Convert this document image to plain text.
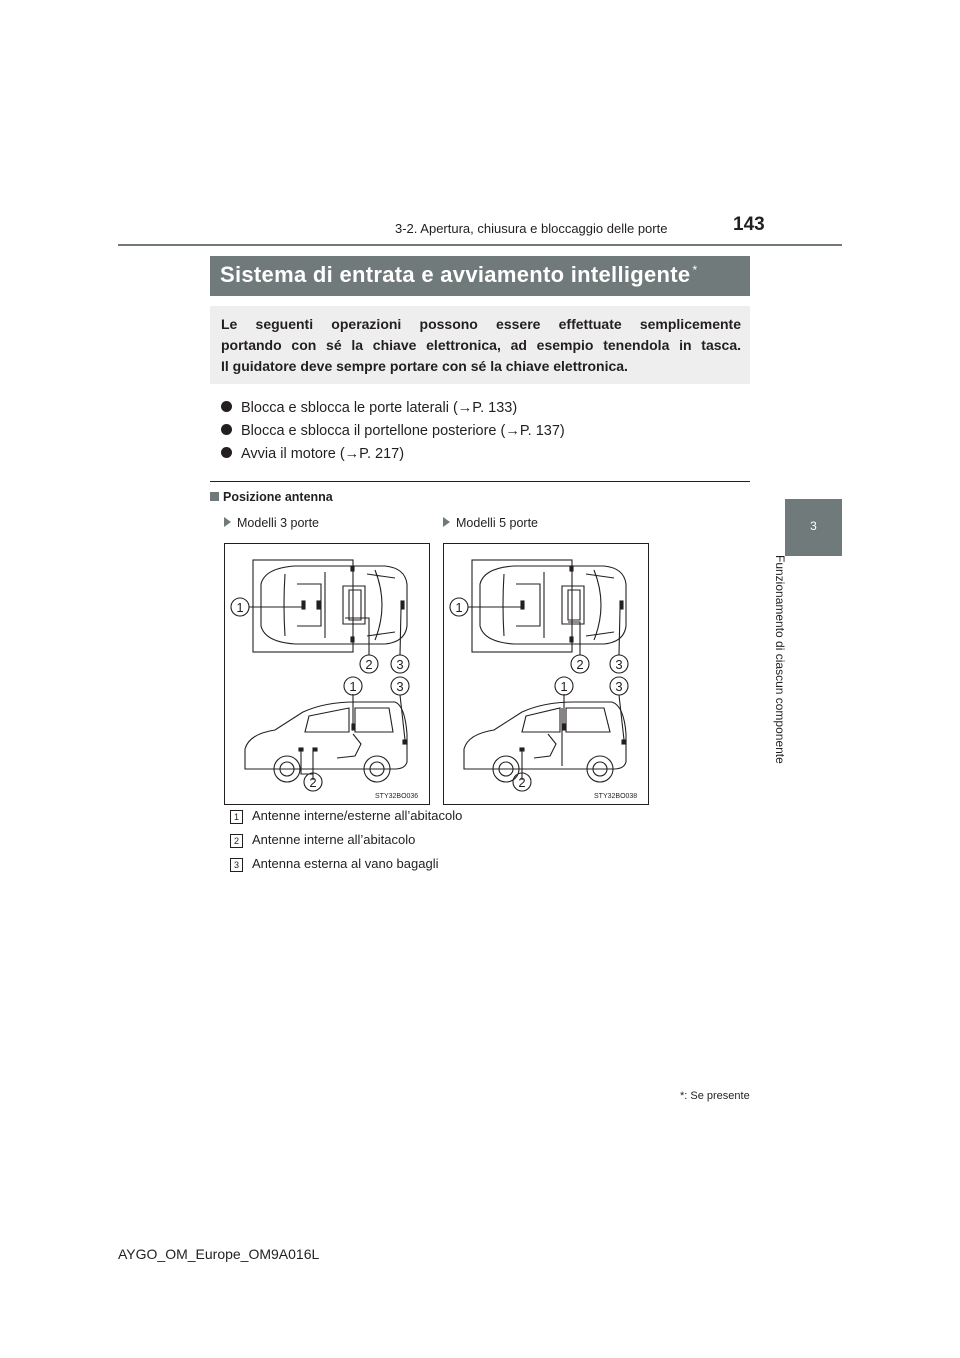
3-2. Apertura, chiusura e bloccaggio delle porte	143
3
Funzionamento di ciascun componente
Sistema di entrata e avviamento intelligente *
Le seguenti operazioni possono essere effettuate semplicemente
portando con sé la chiave elettronica, ad esempio tenendola in tasca.
Il guidatore deve sempre portare con sé la chiave elettronica.
Blocca e sblocca le porte laterali (→P. 133)
Blocca e sblocca il portellone posteriore (→P. 137)
Avvia il motore (→P. 217)
Posizione antenna
Modelli 3 porte	Modelli 5 porte
1
2 3
1	3
2
STY32BO036
1
2 3
1	3
2
STY32BO038
1 Antenne interne/esterne all’abitacolo
2 Antenne interne all’abitacolo
3 Antenna esterna al vano bagagli
*: Se presente
AYGO_OM_Europe_OM9A016L
